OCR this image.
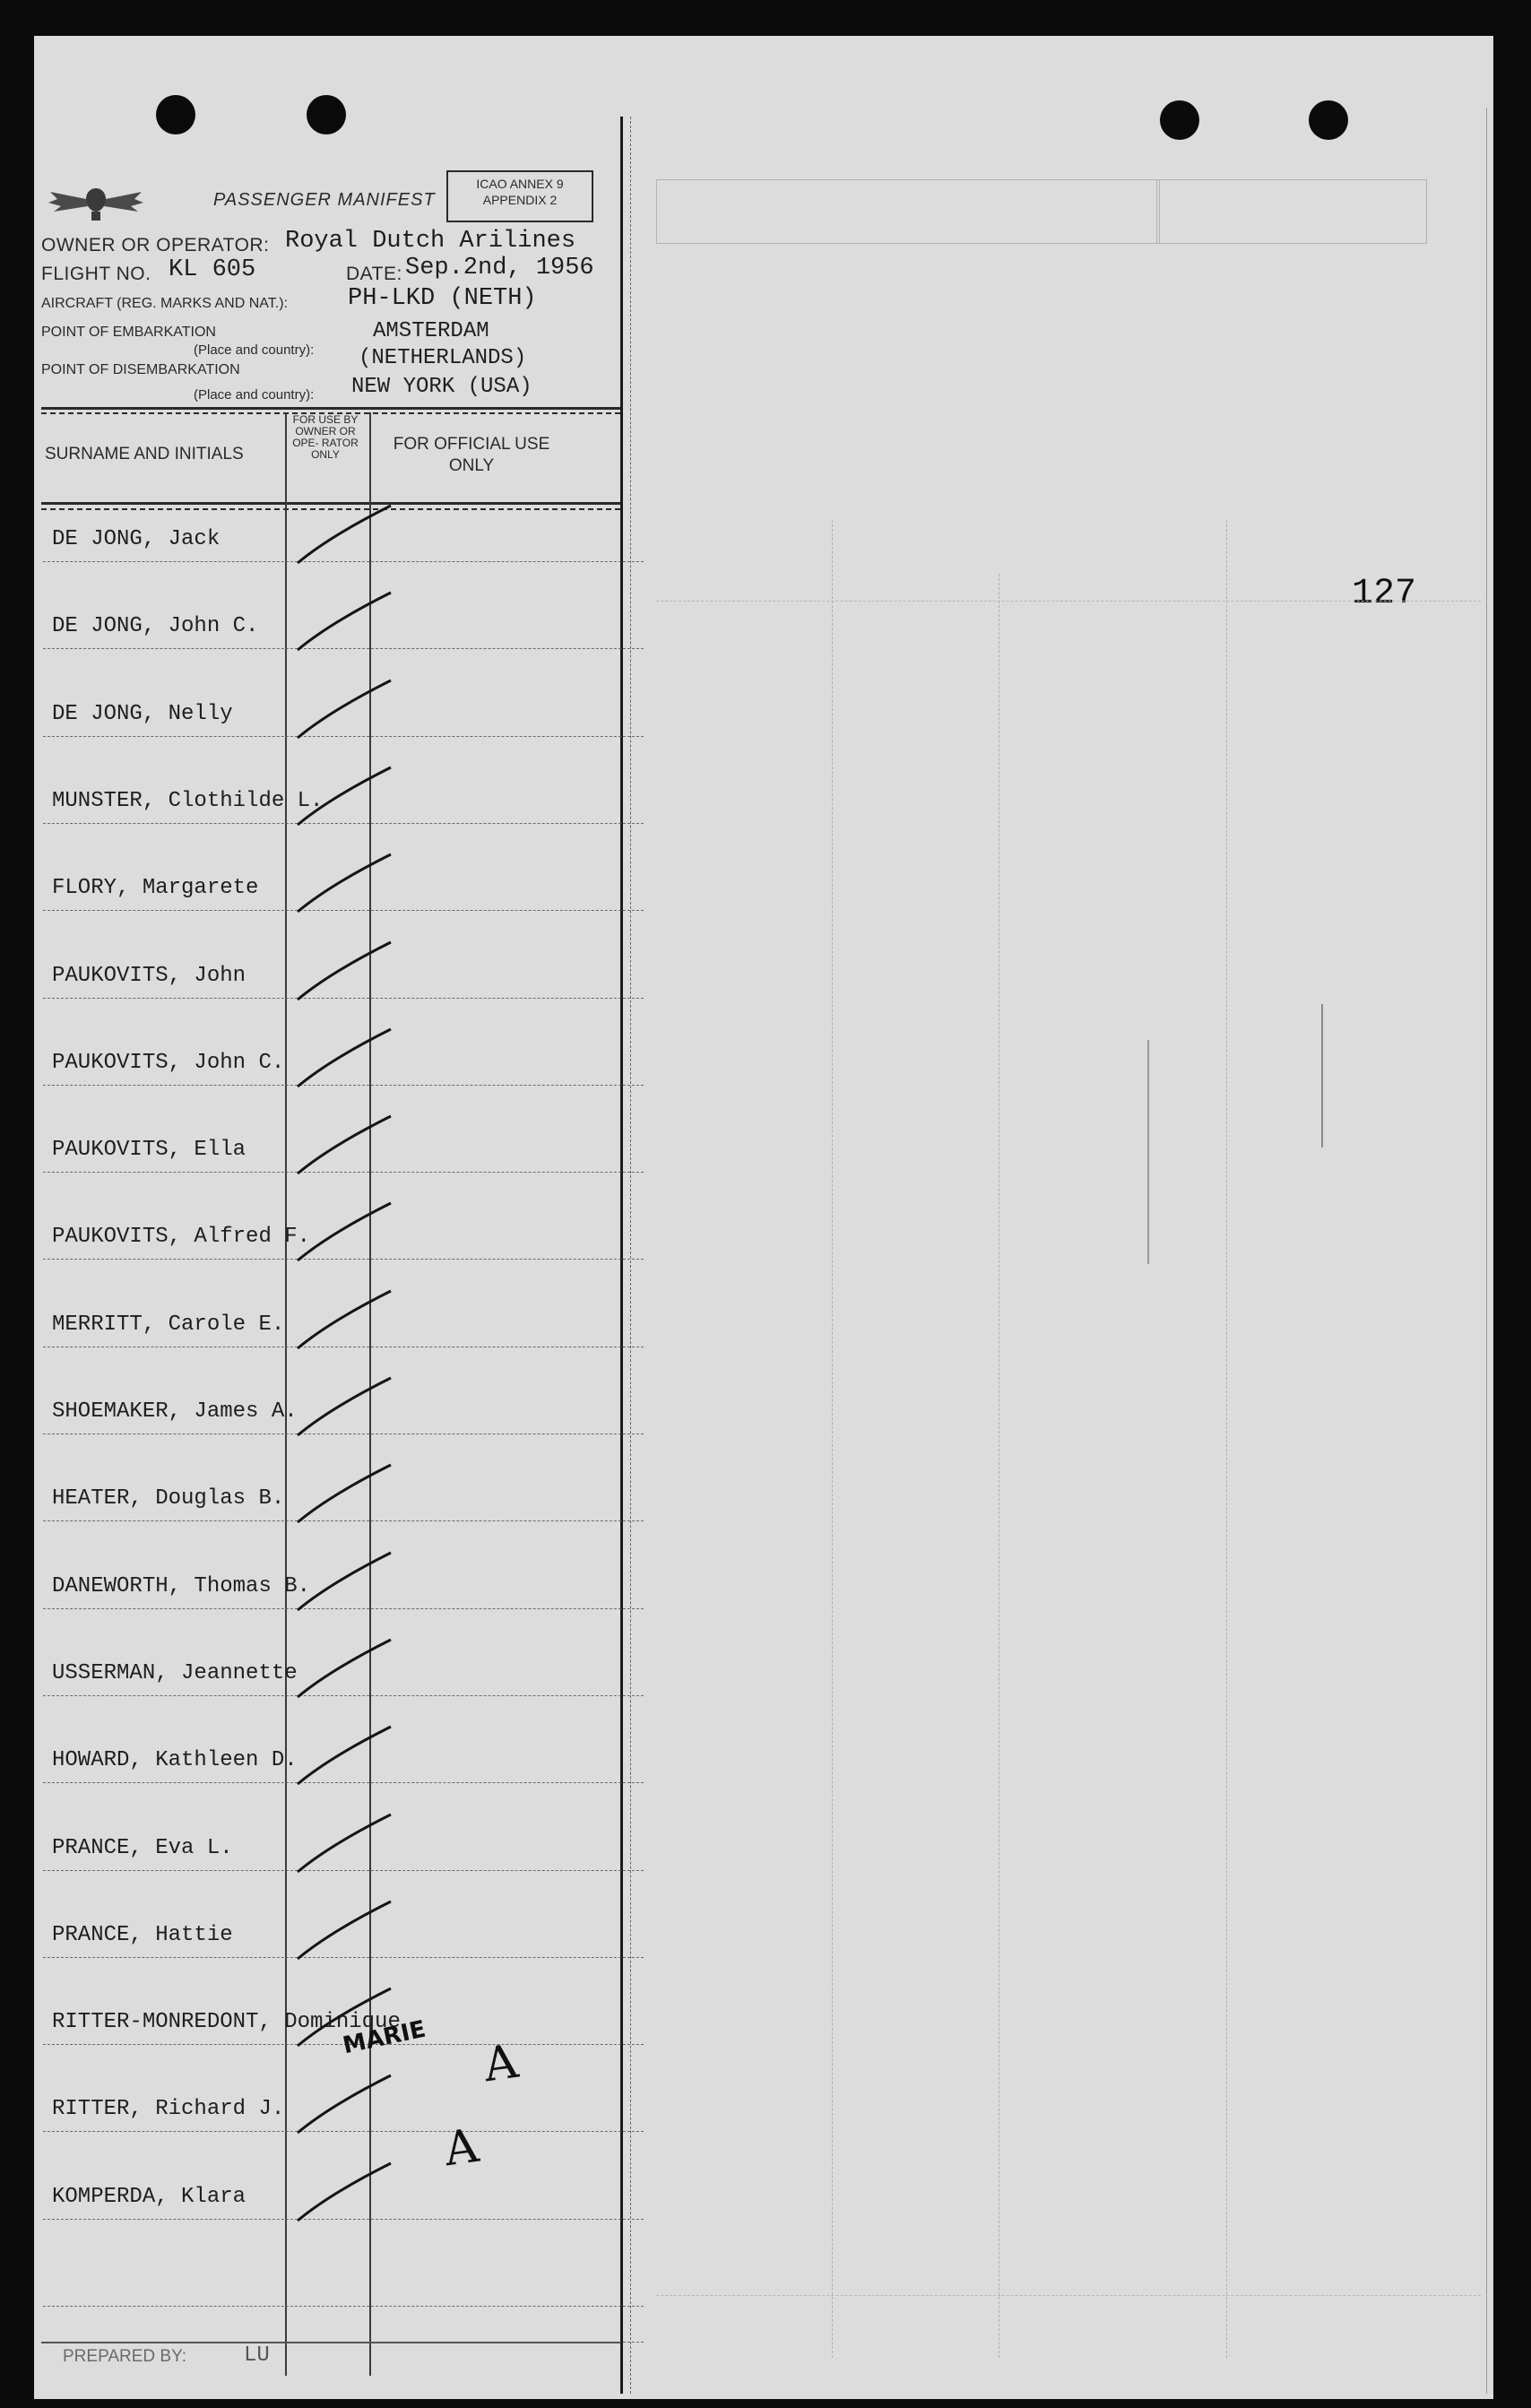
PASSENGER MANIFEST
ICAO ANNEX 9
APPENDIX 2
OWNER OR OPERATOR: Royal Dutch Arilines
FLIGHT NO. KL 605	DATE: Sep.2nd, 1956
AIRCRAFT (REG. MARKS AND NAT.): PH-LKD (NETH)
POINT OF EMBARKATION
(Place and country):
AMSTERDAM
(NETHERLANDS)
POINT OF DISEMBARKATION
(Place and country): NEW YORK (USA)
SURNAME AND INITIALS
FOR USE BY OWNER OR OPE- RATOR ONLY
FOR OFFICIAL USE ONLY
DE JONG, Jack
DE JONG, John C.
DE JONG, Nelly
MUNSTER, Clothilde L.
FLORY, Margarete
PAUKOVITS, John
PAUKOVITS, John C.
PAUKOVITS, Ella
PAUKOVITS, Alfred F.
MERRITT, Carole E.
SHOEMAKER, James A.
HEATER, Douglas B.
DANEWORTH, Thomas B.
USSERMAN, Jeannette
HOWARD, Kathleen D.
PRANCE, Eva L.
PRANCE, Hattie
RITTER-MONREDONT, Dominique
RITTER, Richard J.
KOMPERDA, Klara
MARIE A
A
PREPARED BY:	LU
127
